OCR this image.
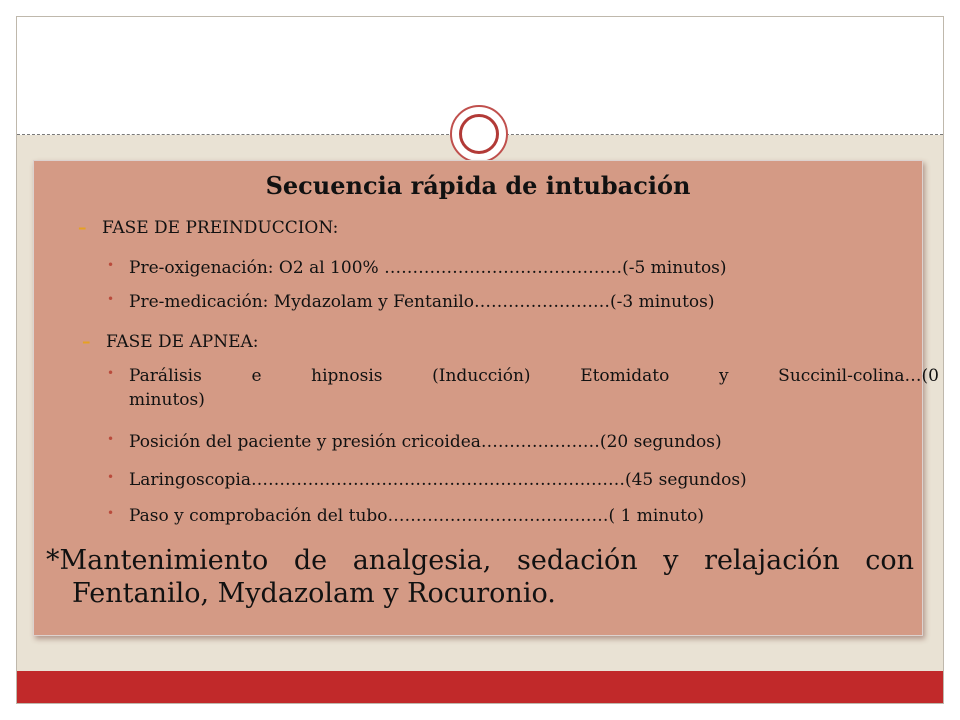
Secuencia rápida de intubación
– FASE DE PREINDUCCION:
• Pre-oxigenación: O2 al 100% ……………………………………(-5 minutos)
• Pre-medicación: Mydazolam y Fentanilo……………………(-3 minutos)
– FASE DE APNEA:
• Parálisis e hipnosis (Inducción) Etomidato y Succinil-colina…(0
minutos)
• Posición del paciente y presión cricoidea…………………(20 segundos)
• Laringoscopia…………………………………………………………(45 segundos)
• Paso y comprobación del tubo…………………………………( 1 minuto)
*Mantenimiento de analgesia, sedación y relajación con
Fentanilo, Mydazolam y Rocuronio.
